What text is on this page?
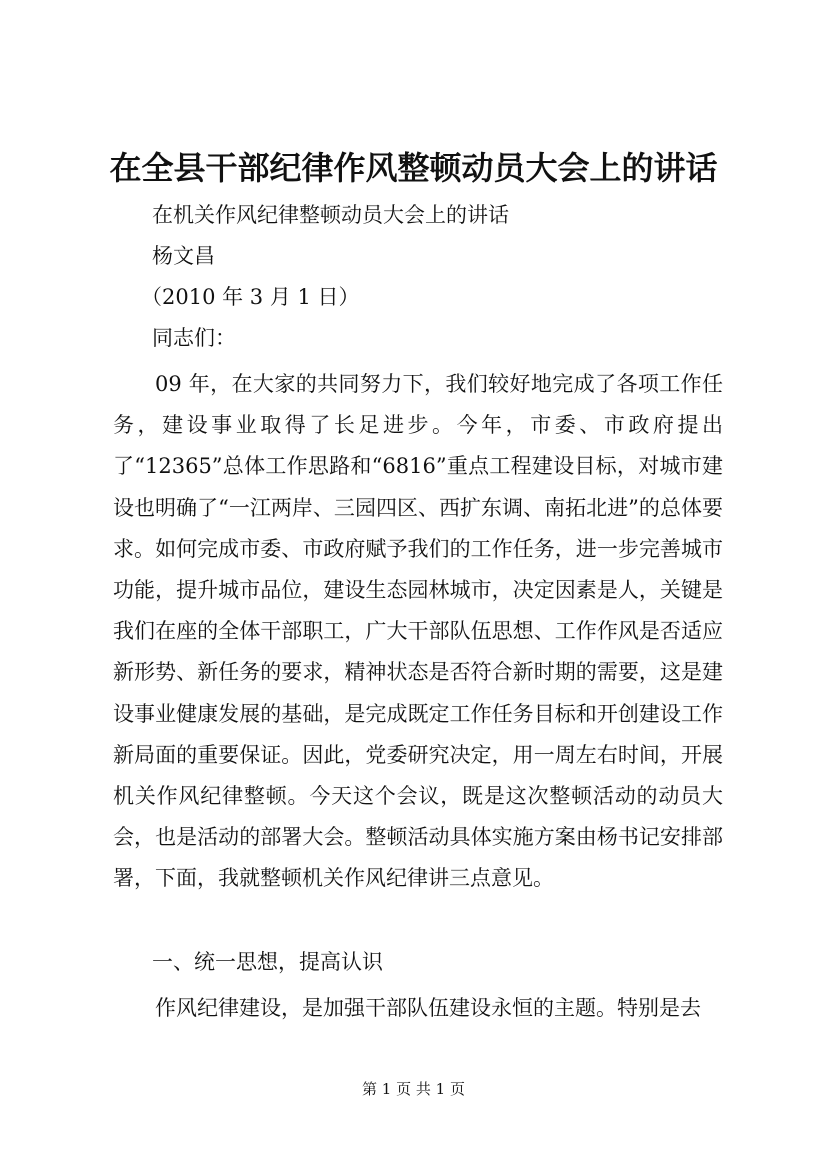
在全县干部纪律作风整顿动员大会上的讲话

在机关作风纪律整顿动员大会上的讲话

杨文昌

（2010 年 3 月 1 日）

同志们：

09 年，在大家的共同努力下，我们较好地完成了各项工作任务，建设事业取得了长足进步。今年，市委、市政府提出了“12365”总体工作思路和“6816”重点工程建设目标，对城市建设也明确了“一江两岸、三园四区、西扩东调、南拓北进”的总体要求。如何完成市委、市政府赋予我们的工作任务，进一步完善城市功能，提升城市品位，建设生态园林城市，决定因素是人，关键是我们在座的全体干部职工，广大干部队伍思想、工作作风是否适应新形势、新任务的要求，精神状态是否符合新时期的需要，这是建设事业健康发展的基础，是完成既定工作任务目标和开创建设工作新局面的重要保证。因此，党委研究决定，用一周左右时间，开展机关作风纪律整顿。今天这个会议，既是这次整顿活动的动员大会，也是活动的部署大会。整顿活动具体实施方案由杨书记安排部署，下面，我就整顿机关作风纪律讲三点意见。

一、统一思想，提高认识

作风纪律建设，是加强干部队伍建设永恒的主题。特别是去

第 1 页 共 1 页
